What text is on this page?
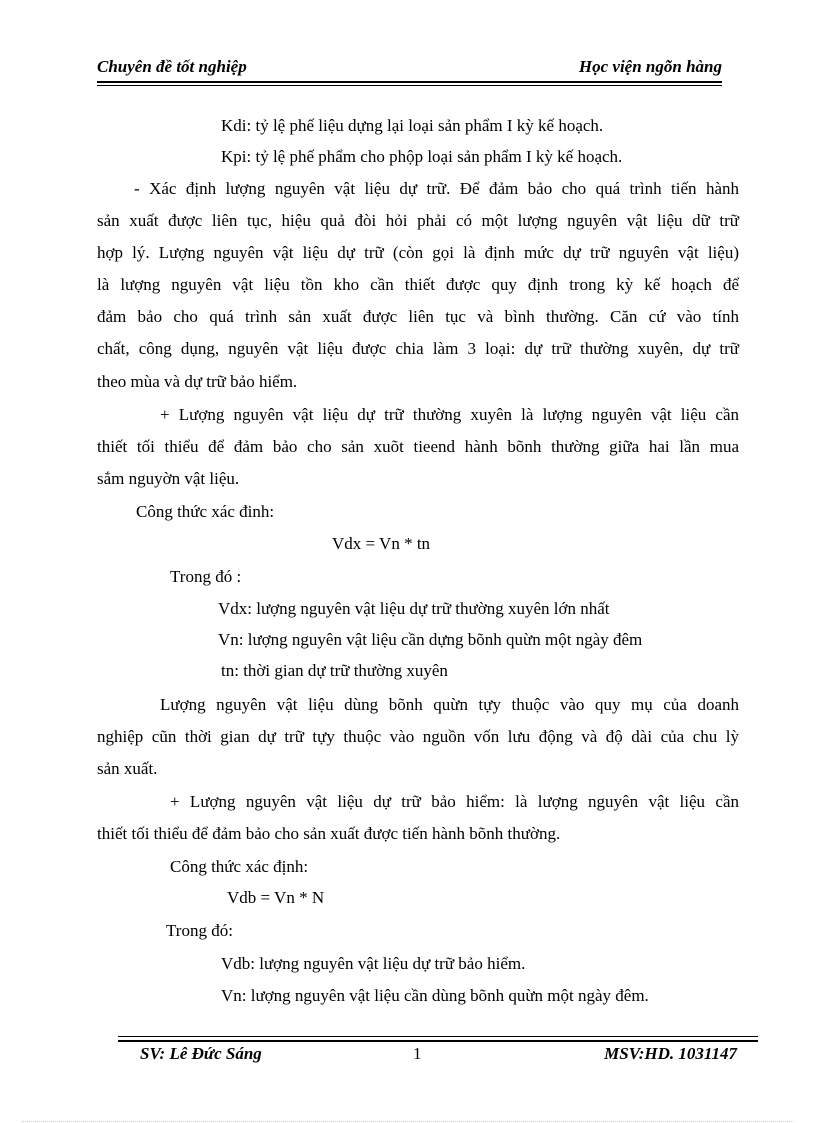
Chuyên đề tốt nghiệp	Học viện ngõn hàng
Kdi: tỷ lệ phế liệu dựng lại loại sản phẩm I kỳ kế hoạch.
Kpi: tỷ lệ phế phẩm cho phộp loại sản phẩm I kỳ kế hoạch.
- Xác định lượng nguyên vật liệu dự trữ. Để đảm bảo cho quá trình tiến hành
sản xuất được liên tục, hiệu quả đòi hỏi phải có một lượng nguyên vật liệu dữ trữ
hợp lý. Lượng nguyên vật liệu dự trữ (còn gọi là định mức dự trữ nguyên vật liệu)
là lượng nguyên vật liệu tồn kho cần thiết được quy định trong kỳ kế hoạch để
đảm bảo cho quá trình sản xuất được liên tục và bình thường. Căn cứ vào tính
chất, công dụng, nguyên vật liệu được chia làm 3 loại: dự trữ thường xuyên, dự trữ
theo mùa và dự trữ bảo hiểm.
+ Lượng nguyên vật liệu dự trữ thường xuyên là lượng nguyên vật liệu cần
thiết tối thiểu để đảm bảo cho sản xuõt tieend hành bõnh thường giữa hai lần mua
sắm nguyờn vật liệu.
Công thức xác đinh:
Vdx = Vn * tn
Trong đó :
Vdx: lượng nguyên vật liệu dự trữ thường xuyên lớn nhất
Vn: lượng nguyên vật liệu cần dựng bõnh quừn một ngày đêm
tn: thời gian dự trữ thường xuyên
Lượng nguyên vật liệu dùng bõnh quừn tựy thuộc vào quy mụ của doanh
nghiệp cũn thời gian dự trữ tựy thuộc vào nguồn vốn lưu động và độ dài của chu lỳ
sản xuất.
+ Lượng nguyên vật liệu dự trữ bảo hiểm: là lượng nguyên vật liệu cần
thiết tối thiểu để đảm bảo cho sản xuất được tiến hành bõnh thường.
Công thức xác định:
Vdb = Vn * N
Trong đó:
Vdb: lượng nguyên vật liệu dự trữ bảo hiểm.
Vn: lượng nguyên vật liệu cần dùng bõnh quừn một ngày đêm.
SV: Lê Đức Sáng	1	MSV:HD. 1031147
